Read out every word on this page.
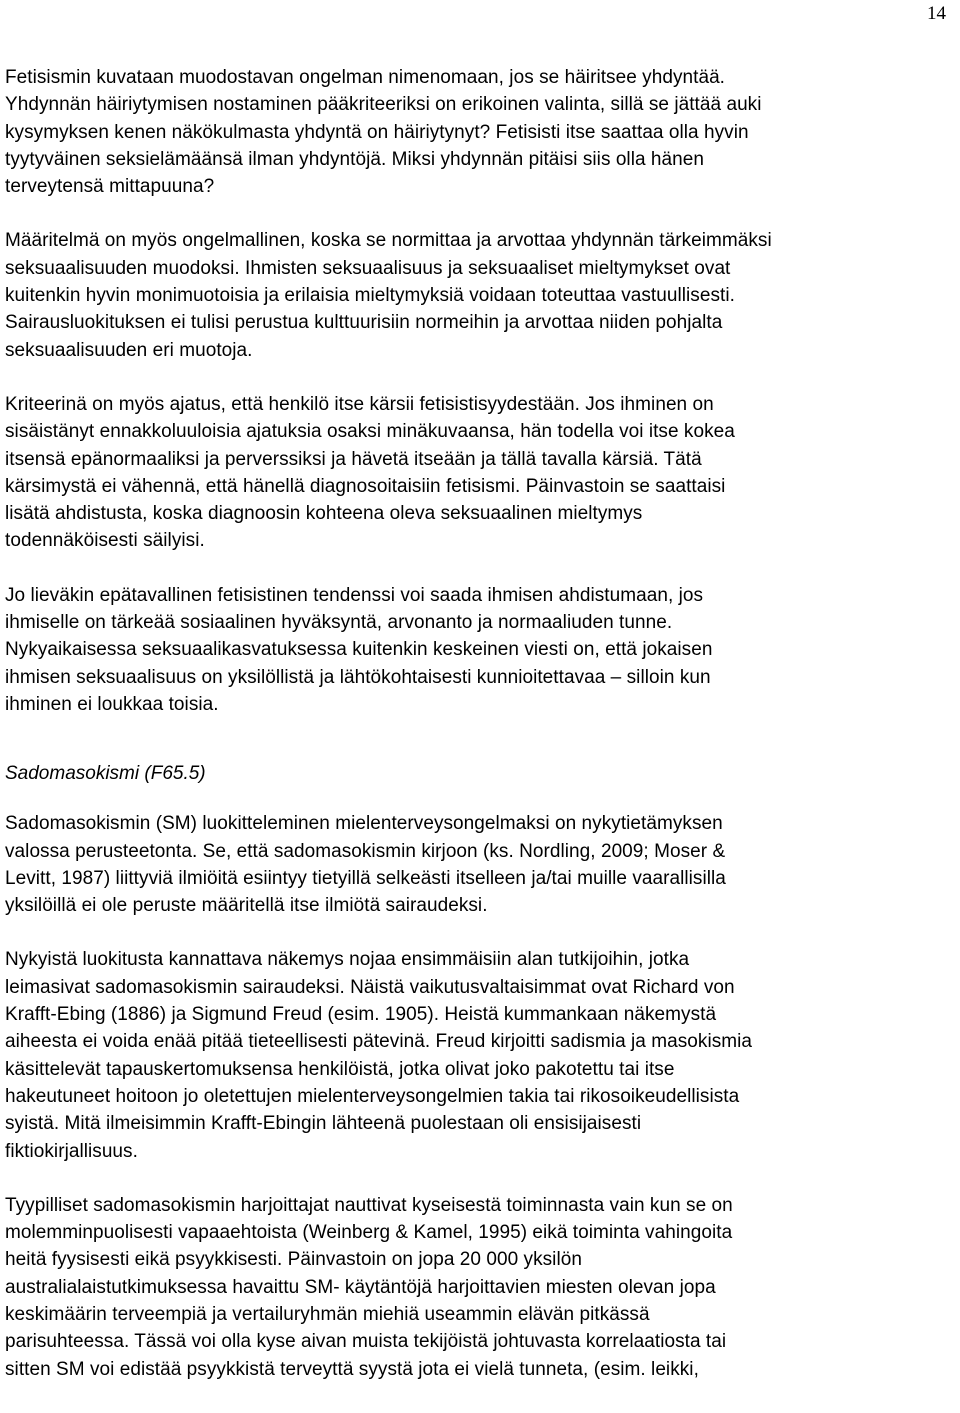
14

Fetisismin kuvataan muodostavan ongelman nimenomaan, jos se häiritsee yhdyntää.
Yhdynnän häiriytymisen nostaminen pääkriteeriksi on erikoinen valinta, sillä se jättää auki
kysymyksen kenen näkökulmasta yhdyntä on häiriytynyt? Fetisisti itse saattaa olla hyvin
tyytyväinen seksielämäänsä ilman yhdyntöjä. Miksi yhdynnän pitäisi siis olla hänen
terveytensä mittapuuna?

Määritelmä on myös ongelmallinen, koska se normittaa ja arvottaa yhdynnän tärkeimmäksi
seksuaalisuuden muodoksi. Ihmisten seksuaalisuus ja seksuaaliset mieltymykset ovat
kuitenkin hyvin monimuotoisia ja erilaisia mieltymyksiä voidaan toteuttaa vastuullisesti.
Sairausluokituksen ei tulisi perustua kulttuurisiin normeihin ja arvottaa niiden pohjalta
seksuaalisuuden eri muotoja.

Kriteerinä on myös ajatus, että henkilö itse kärsii fetisistisyydestään. Jos ihminen on
sisäistänyt ennakkoluuloisia ajatuksia osaksi minäkuvaansa, hän todella voi itse kokea
itsensä epänormaaliksi ja perverssiksi ja hävetä itseään ja tällä tavalla kärsiä. Tätä
kärsimystä ei vähennä, että hänellä diagnosoitaisiin fetisismi. Päinvastoin se saattaisi
lisätä ahdistusta, koska diagnoosin kohteena oleva seksuaalinen mieltymys
todennäköisesti säilyisi.

Jo lieväkin epätavallinen fetisistinen tendenssi voi saada ihmisen ahdistumaan, jos
ihmiselle on tärkeää sosiaalinen hyväksyntä, arvonanto ja normaaliuden tunne.
Nykyaikaisessa seksuaalikasvatuksessa kuitenkin keskeinen viesti on, että jokaisen
ihmisen seksuaalisuus on yksilöllistä ja lähtökohtaisesti kunnioitettavaa – silloin kun
ihminen ei loukkaa toisia.

Sadomasokismi (F65.5)

Sadomasokismin (SM) luokitteleminen mielenterveysongelmaksi on nykytietämyksen
valossa perusteetonta. Se, että sadomasokismin kirjoon (ks. Nordling, 2009; Moser &
Levitt, 1987) liittyviä ilmiöitä esiintyy tietyillä selkeästi itselleen ja/tai muille vaarallisilla
yksilöillä ei ole peruste määritellä itse ilmiötä sairaudeksi.

Nykyistä luokitusta kannattava näkemys nojaa ensimmäisiin alan tutkijoihin, jotka
leimasivat sadomasokismin sairaudeksi. Näistä vaikutusvaltaisimmat ovat Richard von
Krafft-Ebing (1886) ja Sigmund Freud (esim. 1905). Heistä kummankaan näkemystä
aiheesta ei voida enää pitää tieteellisesti pätevinä. Freud kirjoitti sadismia ja masokismia
käsittelevät tapauskertomuksensa henkilöistä, jotka olivat joko pakotettu tai itse
hakeutuneet hoitoon jo oletettujen mielenterveysongelmien takia tai rikosoikeudellisista
syistä. Mitä ilmeisimmin Krafft-Ebingin lähteenä puolestaan oli ensisijaisesti
fiktiokirjallisuus.

Tyypilliset sadomasokismin harjoittajat nauttivat kyseisestä toiminnasta vain kun se on
molemminpuolisesti vapaaehtoista (Weinberg & Kamel, 1995) eikä toiminta vahingoita
heitä fyysisesti eikä psyykkisesti. Päinvastoin on jopa 20 000 yksilön
australialaistutkimuksessa havaittu SM- käytäntöjä harjoittavien miesten olevan jopa
keskimäärin terveempiä ja vertailuryhmän miehiä useammin elävän pitkässä
parisuhteessa. Tässä voi olla kyse aivan muista tekijöistä johtuvasta korrelaatiosta tai
sitten SM voi edistää psyykkistä terveyttä syystä jota ei vielä tunneta, (esim. leikki,
